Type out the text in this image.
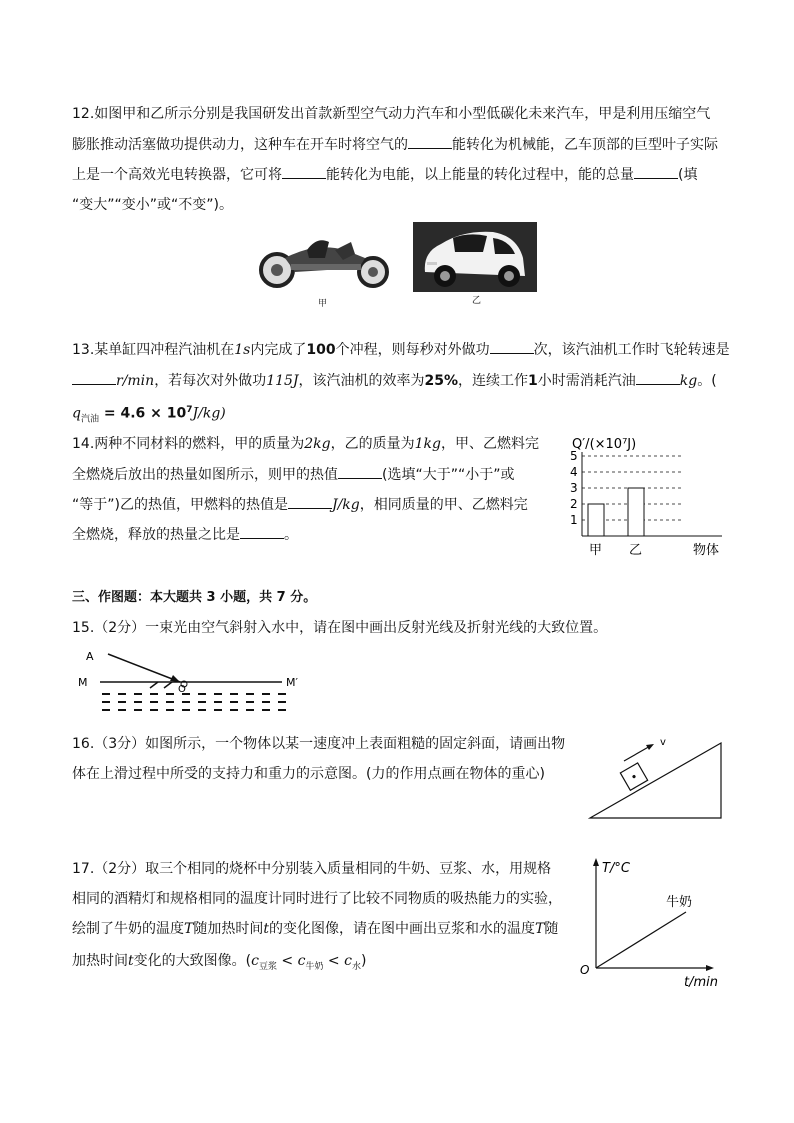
12.如图甲和乙所示分别是我国研发出首款新型空气动力汽车和小型低碳化未来汽车，甲是利用压缩空气
膨胀推动活塞做功提供动力，这种车在开车时将空气的	能转化为机械能，乙车顶部的巨型叶子实际
上是一个高效光电转换器，它可将	能转化为电能，以上能量的转化过程中，能的总量	(填
“变大”“变小”或“不变”)。
甲	乙
13.某单缸四冲程汽油机在1s内完成了100个冲程，则每秒对外做功	次，该汽油机工作时飞轮转速是
r/min，若每次对外做功115J，该汽油机的效率为25%，连续工作1小时需消耗汽油	kg。(
$q_{汽油} = 4.6 \times 10^7J/kg$)
14.两种不同材料的燃料，甲的质量为2kg，乙的质量为1kg，甲、乙燃料完
全燃烧后放出的热量如图所示，则甲的热值	(选填“大于”“小于”或
“等于”)乙的热值，甲燃料的热值是	J/kg，相同质量的甲、乙燃料完
全燃烧，释放的热量之比是	。
Q′/(×10⁷J)
1
2
3
4
5
甲 乙	物体
三、作图题：本大题共 3 小题，共 7 分。
15.（2分）一束光由空气斜射入水中，请在图中画出反射光线及折射光线的大致位置。
A
M
O
M′
16.（3分）如图所示，一个物体以某一速度冲上表面粗糙的固定斜面，请画出物
体在上滑过程中所受的支持力和重力的示意图。(力的作用点画在物体的重心)
v
17.（2分）取三个相同的烧杯中分别装入质量相同的牛奶、豆浆、水，用规格
相同的酒精灯和规格相同的温度计同时进行了比较不同物质的吸热能力的实验，
绘制了牛奶的温度T随加热时间t的变化图像，请在图中画出豆浆和水的温度T随
加热时间t变化的大致图像。$(c_{豆浆} < c_{牛奶} < c_水)$
T/°C
t/min
O
牛奶
